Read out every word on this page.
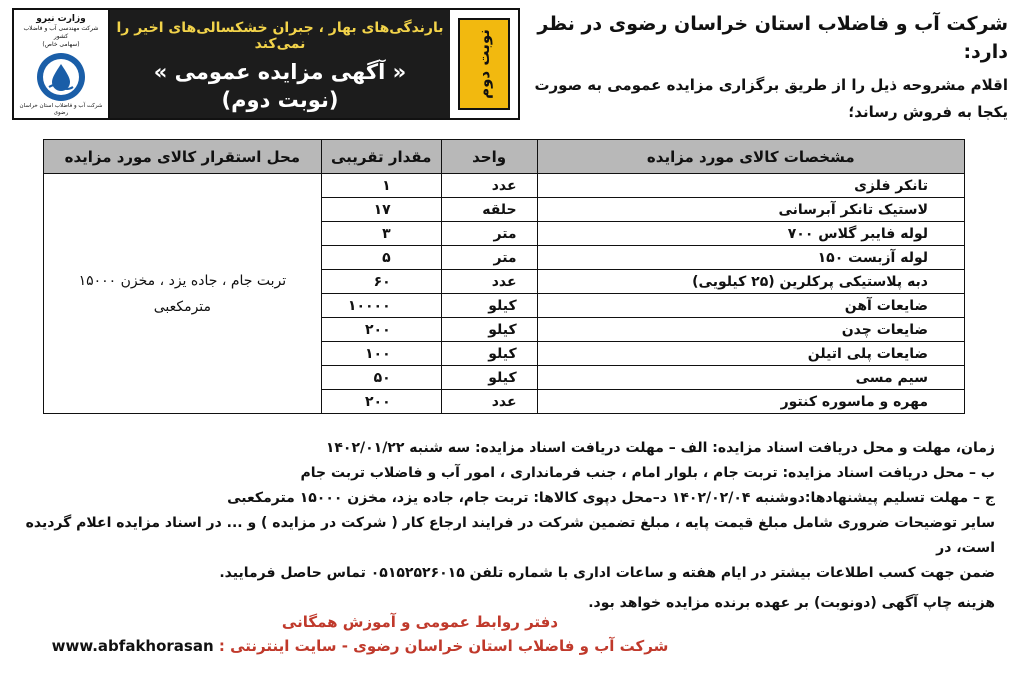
وزارت نیرو
شرکت مهندسی آب و فاضلاب کشور
(سهامی خاص)
شرکت آب و فاضلاب استان خراسان رضوی
بارندگی‌های بهار ، جبران خشکسالی‌های اخیر را نمی‌کند
« آگهی مزایده عمومی »
(نوبت دوم)
نوبت دوم
شرکت آب و فاضلاب استان خراسان رضوی در نظر دارد:
اقلام مشروحه ذیل را از طریق برگزاری مزایده عمومی به صورت یکجا به فروش رساند؛
مشخصات کالای مورد مزایده	واحد	مقدار تقریبی	محل استقرار کالای مورد مزایده
تانکر فلزی	عدد	۱	تربت جام ، جاده یزد ، مخزن ۱۵۰۰۰ مترمکعبی
لاستیک تانکر آبرسانی	حلقه	۱۷	
لوله فایبر گلاس ۷۰۰	متر	۳	
لوله آزبست ۱۵۰	متر	۵	
دبه پلاستیکی پرکلرین (۲۵ کیلویی)	عدد	۶۰	
ضایعات آهن	کیلو	۱۰۰۰۰	
ضایعات چدن	کیلو	۲۰۰	
ضایعات پلی اتیلن	کیلو	۱۰۰	
سیم مسی	کیلو	۵۰	
مهره و ماسوره کنتور	عدد	۲۰۰	
زمان، مهلت و محل دریافت اسناد مزایده: الف – مهلت دریافت اسناد مزایده: سه شنبه ۱۴۰۲/۰۱/۲۲
ب – محل دریافت اسناد مزایده: تربت جام ، بلوار امام ، جنب فرمانداری ، امور آب و فاضلاب تربت جام
ج – مهلت تسلیم پیشنهادها:دوشنبه ۱۴۰۲/۰۲/۰۴ د–محل دپوی کالاها: تربت جام، جاده یزد، مخزن ۱۵۰۰۰ مترمکعبی
سایر توضیحات ضروری شامل مبلغ قیمت پایه ، مبلغ تضمین شرکت در فرایند ارجاع کار ( شرکت در مزایده ) و ... در اسناد مزایده اعلام گردیده است، در
ضمن جهت کسب اطلاعات بیشتر در ایام هفته و ساعات اداری با شماره تلفن ۰۵۱۵۲۵۲۶۰۱۵ تماس حاصل فرمایید.
هزینه چاپ آگهی (دونوبت) بر عهده برنده مزایده خواهد بود.
دفتر روابط عمومی و آموزش همگانی
شرکت آب و فاضلاب استان خراسان رضوی - سایت اینترنتی : www.abfakhorasan
